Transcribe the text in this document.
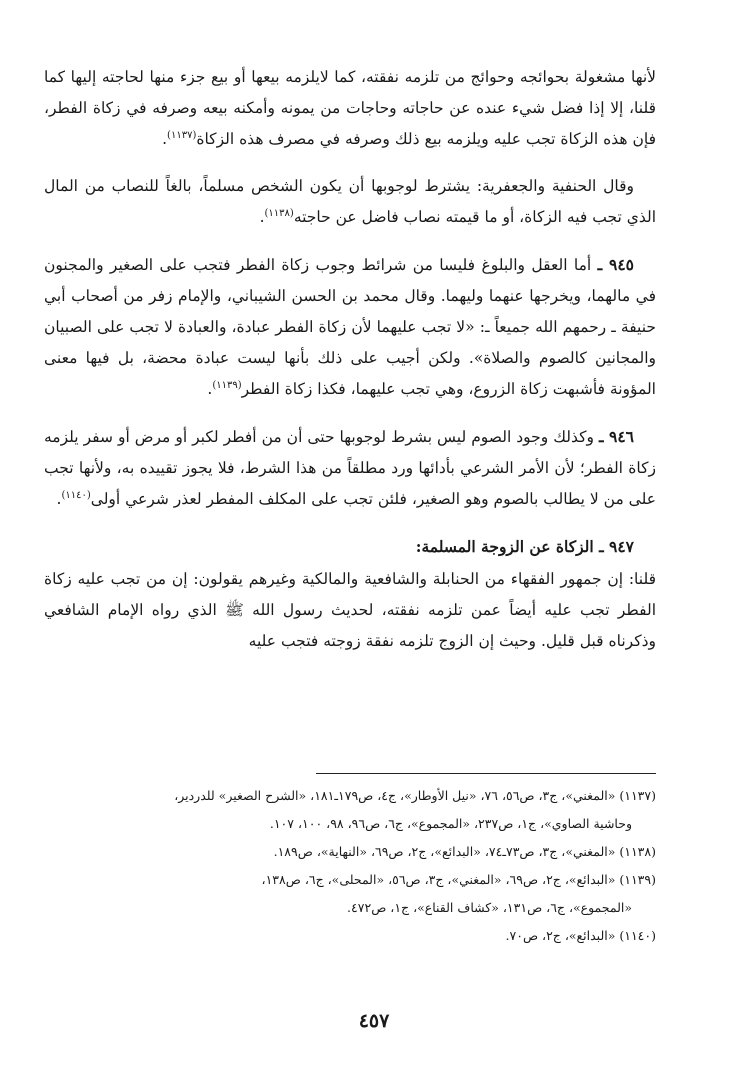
لأنها مشغولة بحوائجه وحوائج من تلزمه نفقته، كما لايلزمه بيعها أو بيع جزء منها لحاجته إليها كما قلنا، إلا إذا فضل شيء عنده عن حاجاته وحاجات من يمونه وأمكنه بيعه وصرفه في زكاة الفطر، فإن هذه الزكاة تجب عليه ويلزمه بيع ذلك وصرفه في مصرف هذه الزكاة$^{(١١٣٧)}$.

وقال الحنفية والجعفرية: يشترط لوجوبها أن يكون الشخص مسلماً، بالغاً للنصاب من المال الذي تجب فيه الزكاة، أو ما قيمته نصاب فاضل عن حاجته$^{(١١٣٨)}$.

٩٤٥ ـ أما العقل والبلوغ فليسا من شرائط وجوب زكاة الفطر فتجب على الصغير والمجنون في مالهما، ويخرجها عنهما وليهما. وقال محمد بن الحسن الشيباني، والإمام زفر من أصحاب أبي حنيفة ـ رحمهم الله جميعاً ـ: «لا تجب عليهما لأن زكاة الفطر عبادة، والعبادة لا تجب على الصبيان والمجانين كالصوم والصلاة». ولكن أجيب على ذلك بأنها ليست عبادة محضة، بل فيها معنى المؤونة فأشبهت زكاة الزروع، وهي تجب عليهما، فكذا زكاة الفطر$^{(١١٣٩)}$.

٩٤٦ ـ وكذلك وجود الصوم ليس بشرط لوجوبها حتى أن من أفطر لكبر أو مرض أو سفر يلزمه زكاة الفطر؛ لأن الأمر الشرعي بأدائها ورد مطلقاً من هذا الشرط، فلا يجوز تقييده به، ولأنها تجب على من لا يطالب بالصوم وهو الصغير، فلئن تجب على المكلف المفطر لعذر شرعي أولى$^{(١١٤٠)}$.

٩٤٧ ـ الزكاة عن الزوجة المسلمة:

قلنا: إن جمهور الفقهاء من الحنابلة والشافعية والمالكية وغيرهم يقولون: إن من تجب عليه زكاة الفطر تجب عليه أيضاً عمن تلزمه نفقته، لحديث رسول الله ﷺ الذي رواه الإمام الشافعي وذكرناه قبل قليل. وحيث إن الزوج تلزمه نفقة زوجته فتجب عليه

(١١٣٧) «المغني»، ج٣، ص٥٦، ٧٦، «نيل الأوطار»، ج٤، ص١٧٩ـ١٨١، «الشرح الصغير» للدردير،

وحاشية الصاوي»، ج١، ص٢٣٧، «المجموع»، ج٦، ص٩٦، ٩٨، ١٠٠، ١٠٧.

(١١٣٨) «المغني»، ج٣، ص٧٣ـ٧٤، «البدائع»، ج٢، ص٦٩، «النهاية»، ص١٨٩.

(١١٣٩) «البدائع»، ج٢، ص٦٩، «المغني»، ج٣، ص٥٦، «المحلى»، ج٦، ص١٣٨،

«المجموع»، ج٦، ص١٣١، «كشاف القناع»، ج١، ص٤٧٢.

(١١٤٠) «البدائع»، ج٢، ص٧٠.

٤٥٧
